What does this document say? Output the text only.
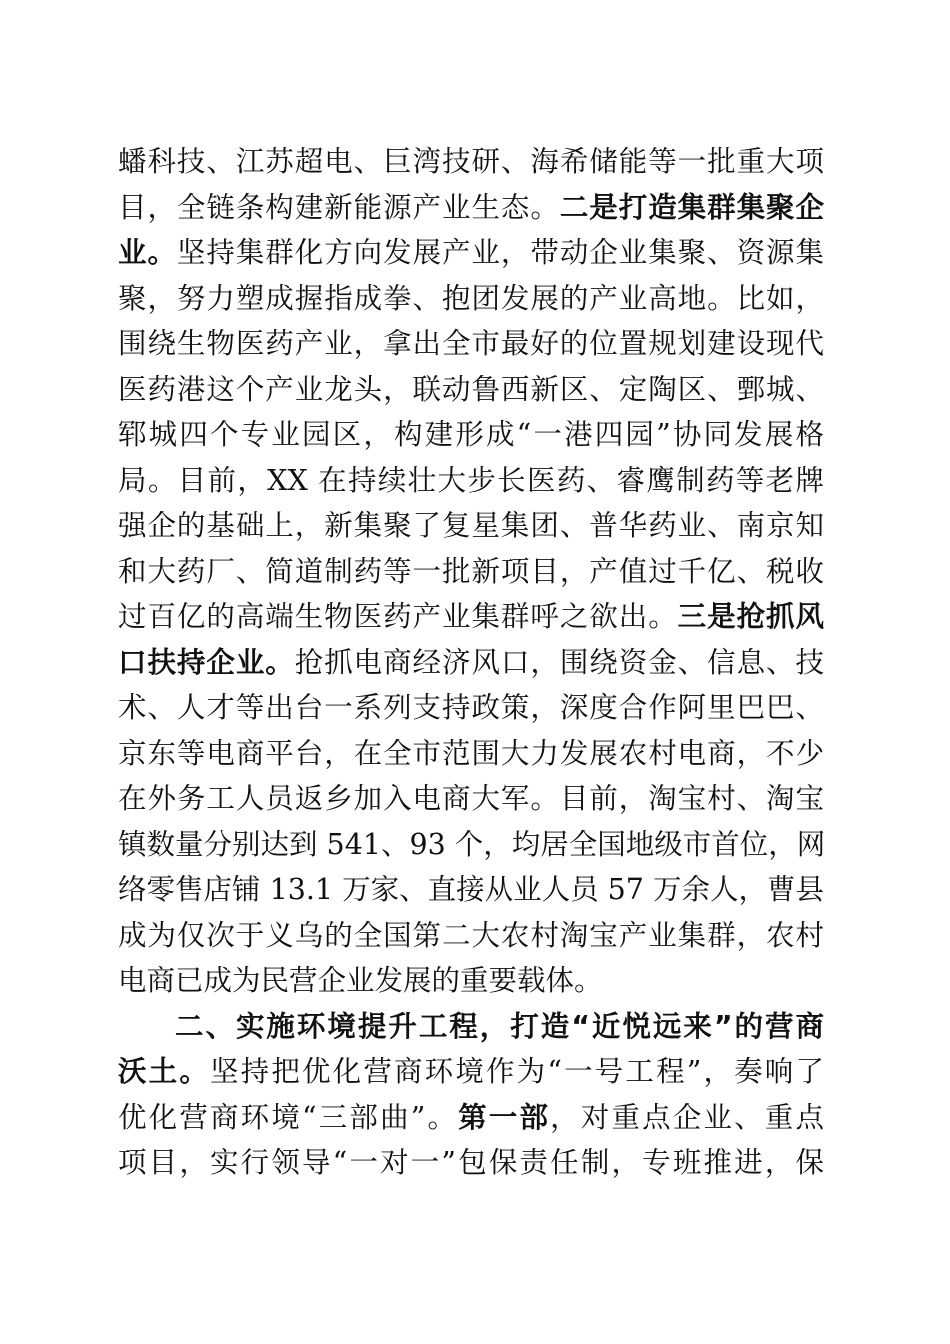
蟠科技、江苏超电、巨湾技研、海希储能等一批重大项
目，全链条构建新能源产业生态。二是打造集群集聚企
业。坚持集群化方向发展产业，带动企业集聚、资源集
聚，努力塑成握指成拳、抱团发展的产业高地。比如，
围绕生物医药产业，拿出全市最好的位置规划建设现代
医药港这个产业龙头，联动鲁西新区、定陶区、鄄城、
郓城四个专业园区，构建形成“一港四园”协同发展格
局。目前，XX 在持续壮大步长医药、睿鹰制药等老牌
强企的基础上，新集聚了复星集团、普华药业、南京知
和大药厂、简道制药等一批新项目，产值过千亿、税收
过百亿的高端生物医药产业集群呼之欲出。三是抢抓风
口扶持企业。抢抓电商经济风口，围绕资金、信息、技
术、人才等出台一系列支持政策，深度合作阿里巴巴、
京东等电商平台，在全市范围大力发展农村电商，不少
在外务工人员返乡加入电商大军。目前，淘宝村、淘宝
镇数量分别达到 541、93 个，均居全国地级市首位，网
络零售店铺 13.1 万家、直接从业人员 57 万余人，曹县
成为仅次于义乌的全国第二大农村淘宝产业集群，农村
电商已成为民营企业发展的重要载体。
二、实施环境提升工程，打造“近悦远来”的营商
沃土。坚持把优化营商环境作为“一号工程”，奏响了
优化营商环境“三部曲”。第一部，对重点企业、重点
项目，实行领导“一对一”包保责任制，专班推进，保
